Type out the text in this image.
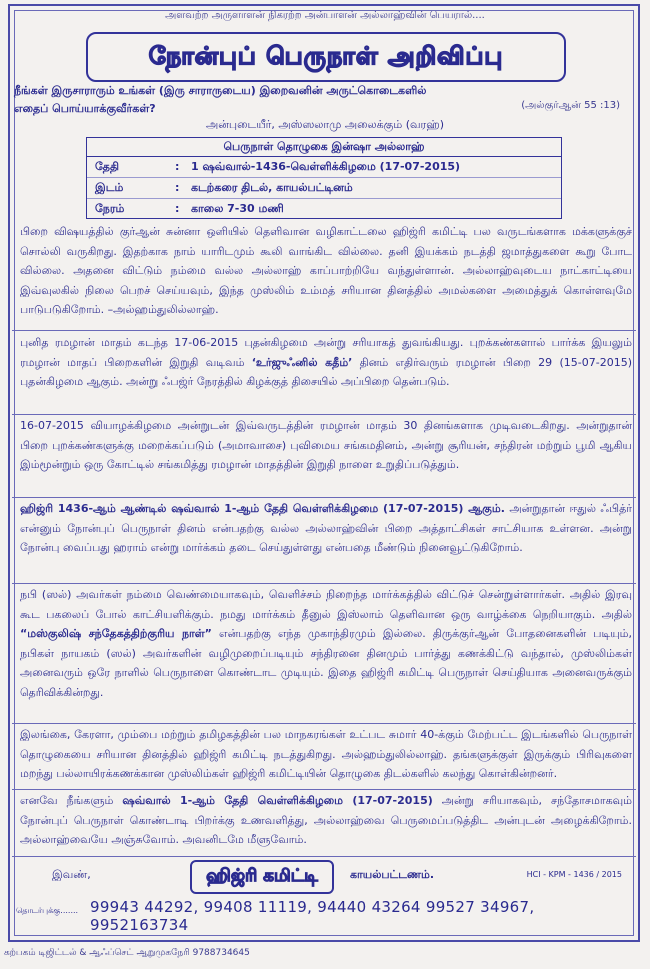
அளவற்ற அருளாளன் நிகரற்ற அன்பாளன் அல்லாஹ்வின் பெயரால்....
நோன்புப் பெருநாள் அறிவிப்பு
நீங்கள் இருசாராரும் உங்கள் (இரு சாராருடைய) இறைவனின் அருட்கொடைகளில் எதைப் பொய்யாக்குவீர்கள்?	(அல்குர்ஆன் 55 :13)
அன்புடையீர், அஸ்ஸலாமு அலைக்கும் (வரஹ்)
பெருநாள் தொழுகை இன்ஷா அல்லாஹ்
தேதி	:	1 ஷவ்வால்-1436-வெள்ளிக்கிழமை (17-07-2015)
இடம்	:	கடற்கரை திடல், காயல்பட்டினம்
நேரம்	:	காலை 7-30 மணி
பிறை விஷயத்தில் குர்ஆன் சுன்னா ஒளியில் தெளிவான வழிகாட்டலை ஹிஜ்ரி கமிட்டி பல வருடங்களாக மக்களுக்குச் சொல்லி வருகிறது. இதற்காக நாம் யாரிடமும் கூலி வாங்கிட வில்லை. தனி இயக்கம் நடத்தி ஜமாத்துகளை கூறு போட வில்லை. அதனை விட்டும் நம்மை வல்ல அல்லாஹ் காப்பாற்றியே வந்துள்ளான். அல்லாஹ்வுடைய நாட்காட்டியை இவ்வுலகில் நிலை பெறச் செய்யவும், இந்த முஸ்லிம் உம்மத் சரியான தினத்தில் அமல்களை அமைத்துக் கொள்ளவுமே பாடுபடுகிறோம். –அல்ஹம்துலில்லாஹ்.
புனித ரமழான் மாதம் கடந்த 17-06-2015 புதன்கிழமை அன்று சரியாகத் துவங்கியது. புறக்கண்களால் பார்க்க இயலும் ரமழான் மாதப் பிறைகளின் இறுதி வடிவம் ‘உர்ஜுஃனில் கதீம்’ தினம் எதிர்வரும் ரமழான் பிறை 29 (15-07-2015) புதன்கிழமை ஆகும். அன்று ஃபஜ்ர் நேரத்தில் கிழக்குத் திசையில் அப்பிறை தென்படும்.
16-07-2015 வியாழக்கிழமை அன்றுடன் இவ்வருடத்தின் ரமழான் மாதம் 30 தினங்களாக முடிவடைகிறது. அன்றுதான் பிறை புறக்கண்களுக்கு மறைக்கப்படும் (அமாவாசை) புவிமைய சங்கமதினம், அன்று சூரியன், சந்திரன் மற்றும் பூமி ஆகிய இம்மூன்றும் ஒரு கோட்டில் சங்கமித்து ரமழான் மாதத்தின் இறுதி நாளை உறுதிப்படுத்தும்.
ஹிஜ்ரி 1436-ஆம் ஆண்டில் ஷவ்வால் 1-ஆம் தேதி வெள்ளிக்கிழமை (17-07-2015) ஆகும். அன்றுதான் ஈதுல் ஃபித்ர் என்னும் நோன்புப் பெருநாள் தினம் என்பதற்கு வல்ல அல்லாஹ்வின் பிறை அத்தாட்சிகள் சாட்சியாக உள்ளன. அன்று நோன்பு வைப்பது ஹராம் என்று மார்க்கம் தடை செய்துள்ளது என்பதை மீண்டும் நினைவூட்டுகிறோம்.
நபி (ஸல்) அவர்கள் நம்மை வெண்மையாகவும், வெளிச்சம் நிறைந்த மார்க்கத்தில் விட்டுச் சென்றுள்ளார்கள். அதில் இரவு கூட பகலைப் போல் காட்சியளிக்கும். நமது மார்க்கம் தீனுல் இஸ்லாம் தெளிவான ஒரு வாழ்க்கை நெறியாகும். அதில் “மஸ்குலிஷ் சந்தேகத்திற்குரிய நாள்” என்பதற்கு எந்த முகாந்திரமும் இல்லை. திருக்குர்ஆன் போதனைகளின் படியும், நபிகள் நாயகம் (ஸல்) அவர்களின் வழிமுறைப்படியும் சந்திரனை தினமும் பார்த்து கணக்கிட்டு வந்தால், முஸ்லிம்கள் அனைவரும் ஒரே நாளில் பெருநாளை கொண்டாட முடியும். இதை ஹிஜ்ரி கமிட்டி பெருநாள் செய்தியாக அனைவருக்கும் தெரிவிக்கின்றது.
இலங்கை, கேரளா, மும்பை மற்றும் தமிழகத்தின் பல மாநகரங்கள் உட்பட சுமார் 40-க்கும் மேற்பட்ட இடங்களில் பெருநாள் தொழுகையை சரியான தினத்தில் ஹிஜ்ரி கமிட்டி நடத்துகிறது. அல்ஹம்துலில்லாஹ். தங்களுக்குள் இருக்கும் பிரிவுகளை மறந்து பல்லாயிரக்கணக்கான முஸ்லிம்கள் ஹிஜ்ரி கமிட்டியின் தொழுகை திடல்களில் கலந்து கொள்கின்றனர்.
எனவே நீங்களும் ஷவ்வால் 1-ஆம் தேதி வெள்ளிக்கிழமை (17-07-2015) அன்று சரியாகவும், சந்தோசமாகவும் நோன்புப் பெருநாள் கொண்டாடி பிறர்க்கு உணவளித்து, அல்லாஹ்வை பெருமைப்படுத்திட அன்புடன் அழைக்கிறோம். அல்லாஹ்வையே அஞ்சுவோம். அவனிடமே மீளுவோம்.
இவண்,	ஹிஜ்ரி கமிட்டி	காயல்பட்டணம்.	HCI - KPM - 1436 / 2015
தொடர்புக்கு....... 99943 44292, 99408 11119, 94440 43264 99527 34967, 9952163734
கற்பகம் டிஜிட்டல் & ஆஃப்செட் ஆறுமுகநேரி 9788734645
